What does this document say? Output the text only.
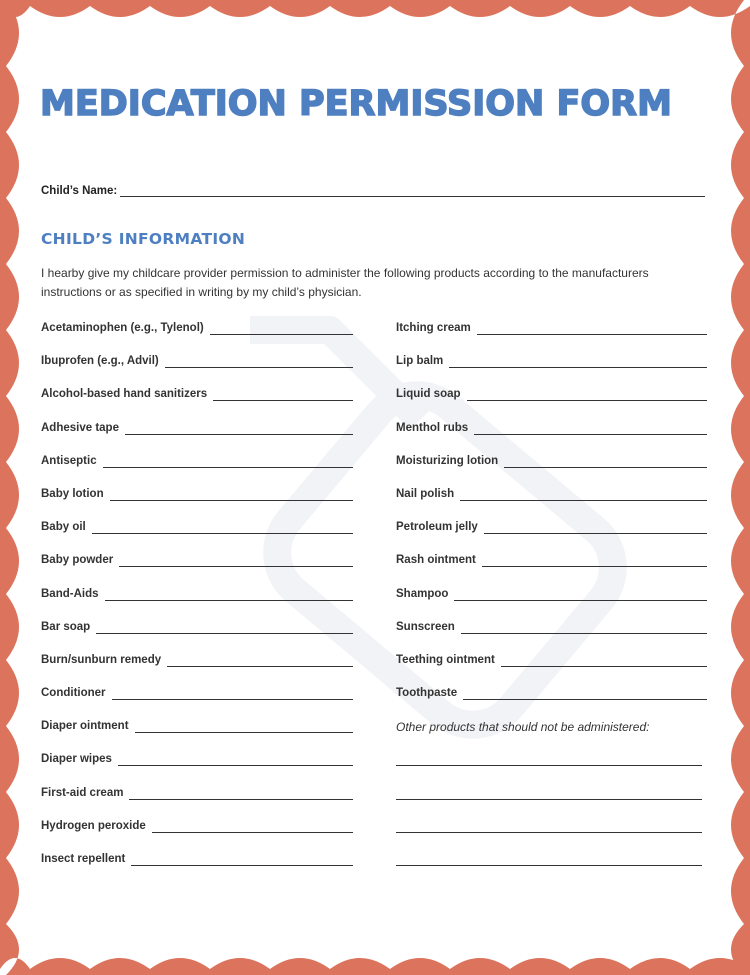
MEDICATION PERMISSION FORM
Child’s Name:
CHILD’S INFORMATION
I hearby give my childcare provider permission to administer the following products according to the manufacturers instructions or as specified in writing by my child’s physician.
Acetaminophen (e.g., Tylenol)
Ibuprofen (e.g., Advil)
Alcohol-based hand sanitizers
Adhesive tape
Antiseptic
Baby lotion
Baby oil
Baby powder
Band-Aids
Bar soap
Burn/sunburn remedy
Conditioner
Diaper ointment
Diaper wipes
First-aid cream
Hydrogen peroxide
Insect repellent
Itching cream
Lip balm
Liquid soap
Menthol rubs
Moisturizing lotion
Nail polish
Petroleum jelly
Rash ointment
Shampoo
Sunscreen
Teething ointment
Toothpaste
Other products that should not be administered:
